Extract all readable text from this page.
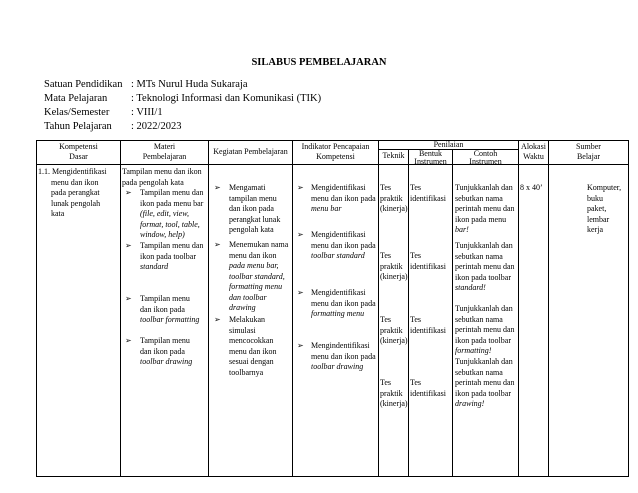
SILABUS PEMBELAJARAN
Satuan Pendidikan : MTs Nurul Huda Sukaraja
Mata Pelajaran : Teknologi Informasi dan Komunikasi (TIK)
Kelas/Semester : VIII/1
Tahun Pelajaran : 2022/2023
Kompetensi
Dasar
Materi
Pembelajaran
Kegiatan Pembelajaran
Indikator Pencapaian
Kompetensi
Penilaian
Teknik	Bentuk
Instrumen
Contoh
Instrumen
Alokasi
Waktu
Sumber
Belajar
1.1. Mengidentifikasi
menu dan ikon
pada perangkat
lunak pengolah
kata
Tampilan menu dan ikon
pada pengolah kata
➢ Tampilan menu dan
ikon pada menu bar
(file, edit, view,
format, tool, table,
window, help)
➢ Tampilan menu dan
ikon pada toolbar
standard
➢ Tampilan menu
dan ikon pada
toolbar formatting
➢ Tampilan menu
dan ikon pada
toolbar drawing
➢ Mengamati
tampilan menu
dan ikon pada
perangkat lunak
pengolah kata
➢ Menemukan nama
menu dan ikon
pada menu bar,
toolbar standard,
formatting menu
dan toolbar
drawing
➢ Melakukan
simulasi
mencocokkan
menu dan ikon
sesuai dengan
toolbarnya
➢ Mengidentifikasi
menu dan ikon pada
menu bar
➢ Mengidentifikasi
menu dan ikon pada
toolbar standard
➢ Mengidentifikasi
menu dan ikon pada
formatting menu
➢ Mengindentifikasi
menu dan ikon pada
toolbar drawing
Tes
praktik
(kinerja)
Tes
praktik
(kinerja)
Tes
praktik
(kinerja)
Tes
praktik
(kinerja)
Tes
identifikasi
Tes
identifikasi
Tes
identifikasi
Tes
identifikasi
Tunjukkanlah dan
sebutkan nama
perintah menu dan
ikon pada menu
bar!
Tunjukkanlah dan
sebutkan nama
perintah menu dan
ikon pada toolbar
standard!
Tunjukkanlah dan
sebutkan nama
perintah menu dan
ikon pada toolbar
formatting!
Tunjukkanlah dan
sebutkan nama
perintah menu dan
ikon pada toolbar
drawing!
8 x 40’	Komputer,
buku
paket,
lembar
kerja
